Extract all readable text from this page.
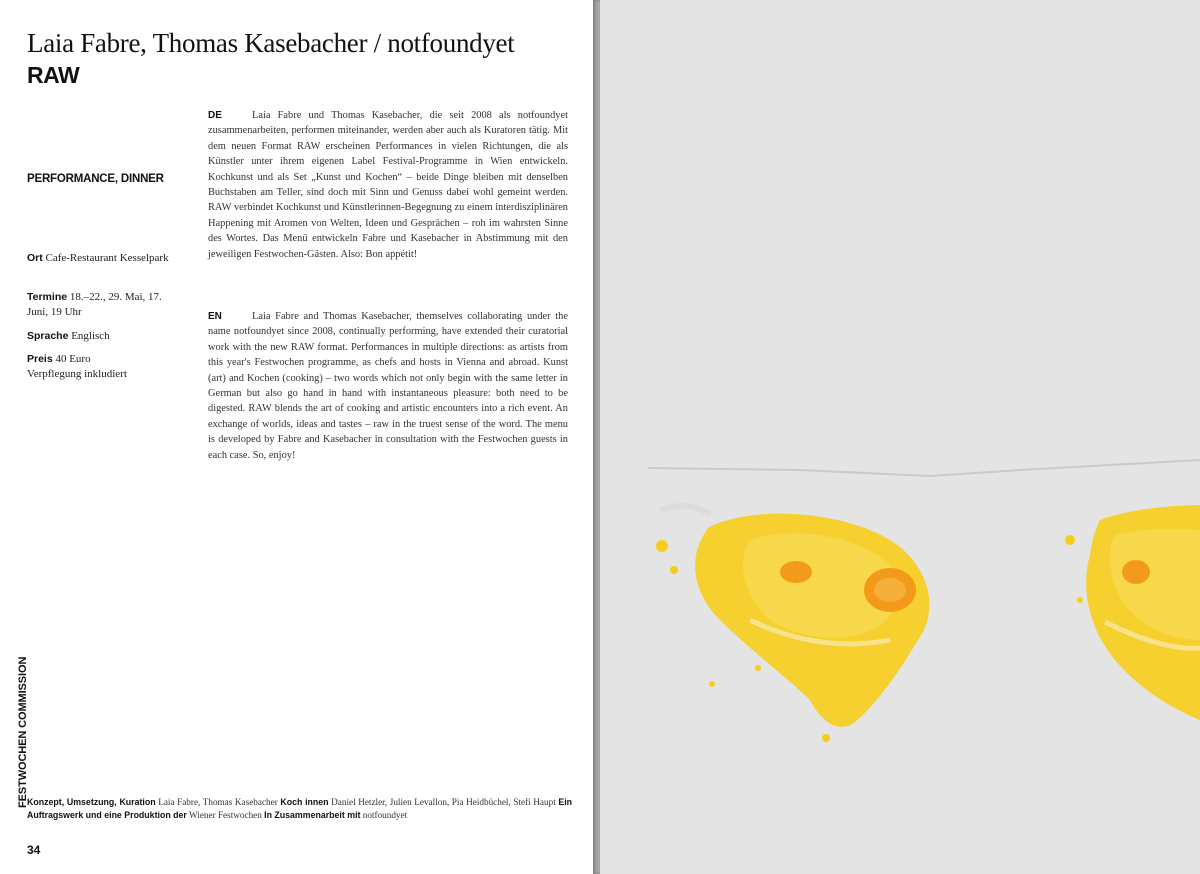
Laia Fabre, Thomas Kasebacher / notfoundyet
RAW
PERFORMANCE, DINNER
Ort Cafe-Restaurant Kesselpark
Termine 18.–22., 29. Mai, 17. Juni, 19 Uhr
Sprache Englisch
Preis 40 Euro
Verpflegung inkludiert

DE	Laia Fabre und Thomas Kasebacher, die seit 2008 als notfoundyet zusammenarbeiten, performen miteinander, werden aber auch als Kuratoren tätig. Mit dem neuen Format RAW erscheinen Performances in vielen Richtungen, die als Künstler unter ihrem eigenen Label Festival-Programme in Wien entwickeln. Kochkunst und als Set „Kunst und Kochen“ – beide Dinge bleiben mit denselben Buchstaben am Teller, sind doch mit Sinn und Genuss dabei wohl gemeint werden. RAW verbindet Kochkunst und Künstlerinnen-Begegnung zu einem interdisziplinären Happening mit Aromen von Welten, Ideen und Gesprächen – roh im wahrsten Sinne des Wortes. Das Menü entwickeln Fabre und Kasebacher in Abstimmung mit den jeweiligen Festwochen-Gästen. Also: Bon appétit!

EN	Laia Fabre and Thomas Kasebacher, themselves collaborating under the name notfoundyet since 2008, continually performing, have extended their curatorial work with the new RAW format. Performances in multiple directions: as artists from this year's Festwochen programme, as chefs and hosts in Vienna and abroad. Kunst (art) and Kochen (cooking) – two words which not only begin with the same letter in German but also go hand in hand with instantaneous pleasure: both need to be digested. RAW blends the art of cooking and artistic encounters into a rich event. An exchange of worlds, ideas and tastes – raw in the truest sense of the word. The menu is developed by Fabre and Kasebacher in consultation with the Festwochen guests in each case. So, enjoy!

FESTWOCHEN COMMISSION

Konzept, Umsetzung, Kuration Laia Fabre, Thomas Kasebacher Koch innen Daniel Hetzler, Julien Levallon, Pia Heidbüchel, Stefi Haupt Ein Auftragswerk und eine Produktion der Wiener Festwochen In Zusammenarbeit mit notfoundyet

34
